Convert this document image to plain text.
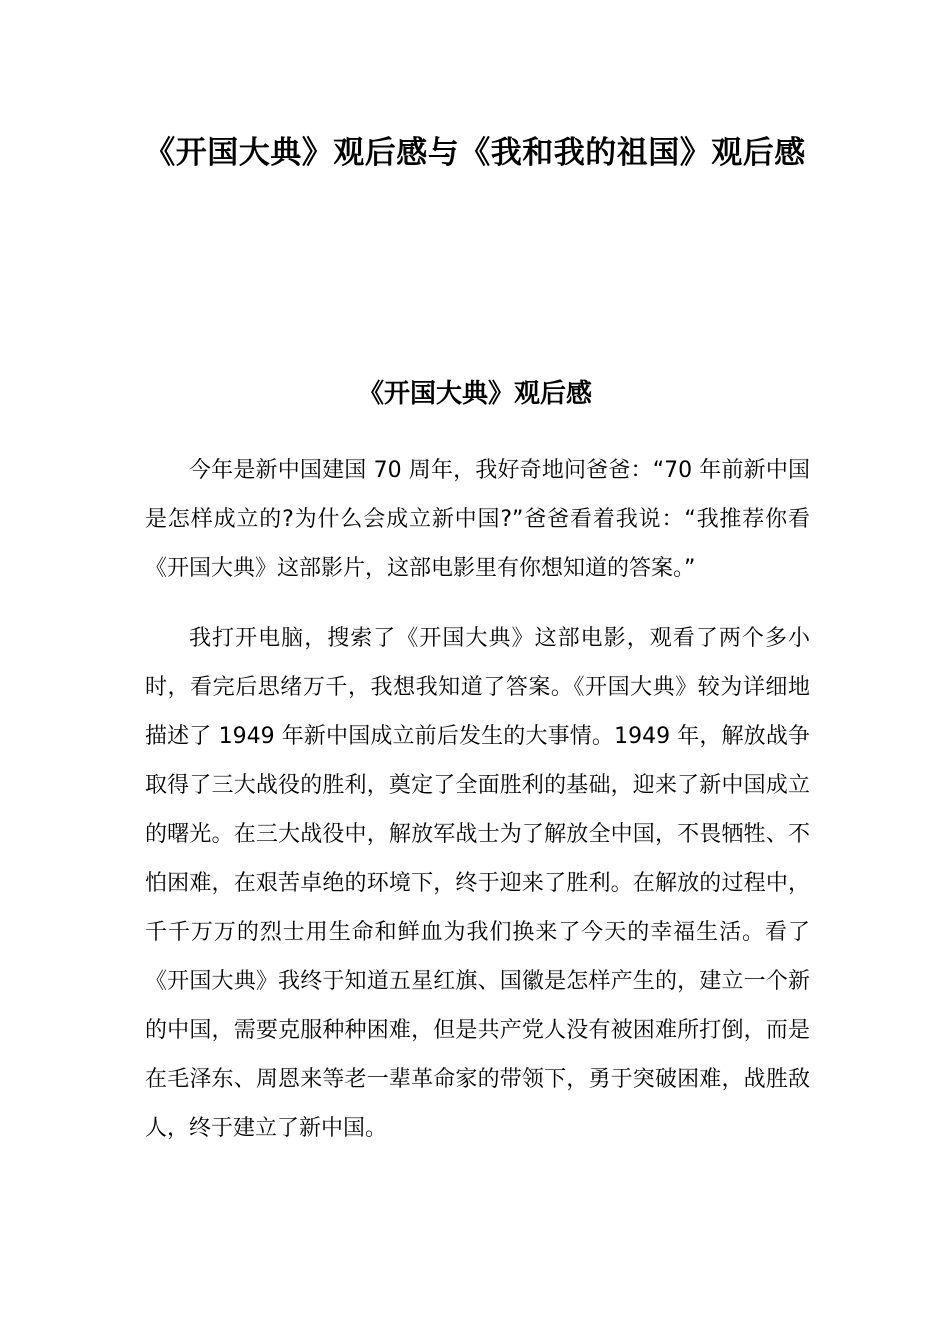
《开国大典》观后感与《我和我的祖国》观后感
《开国大典》观后感

今年是新中国建国 70 周年，我好奇地问爸爸：“70 年前新中国是怎样成立的?为什么会成立新中国?”爸爸看着我说：“我推荐你看《开国大典》这部影片，这部电影里有你想知道的答案。”

我打开电脑，搜索了《开国大典》这部电影，观看了两个多小时，看完后思绪万千，我想我知道了答案。《开国大典》较为详细地描述了 1949 年新中国成立前后发生的大事情。1949 年，解放战争取得了三大战役的胜利，奠定了全面胜利的基础，迎来了新中国成立的曙光。在三大战役中，解放军战士为了解放全中国，不畏牺牲、不怕困难，在艰苦卓绝的环境下，终于迎来了胜利。在解放的过程中，千千万万的烈士用生命和鲜血为我们换来了今天的幸福生活。看了《开国大典》我终于知道五星红旗、国徽是怎样产生的，建立一个新的中国，需要克服种种困难，但是共产党人没有被困难所打倒，而是在毛泽东、周恩来等老一辈革命家的带领下，勇于突破困难，战胜敌人，终于建立了新中国。
